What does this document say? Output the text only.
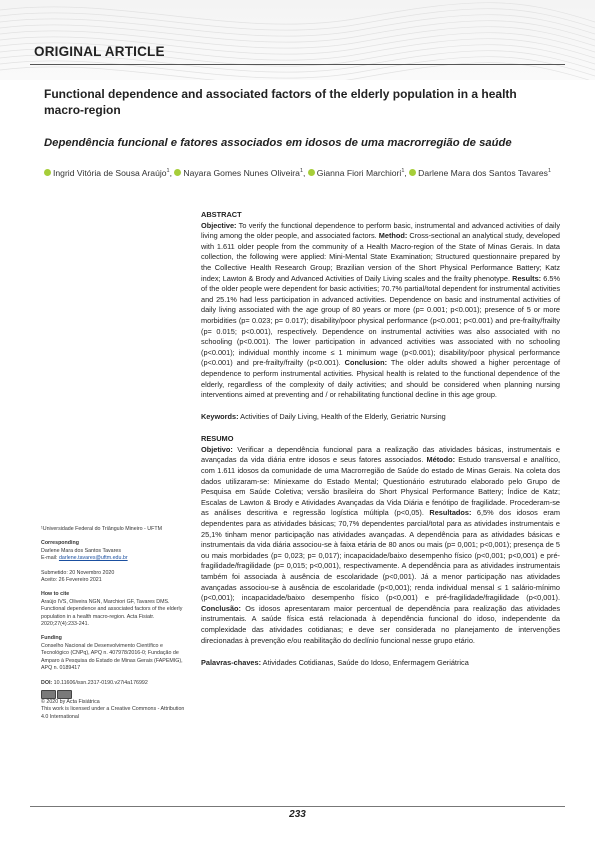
ORIGINAL ARTICLE
Functional dependence and associated factors of the elderly population in a health macro-region
Dependência funcional e fatores associados em idosos de uma macrorregião de saúde
Ingrid Vitória de Sousa Araújo$^1$, Nayara Gomes Nunes Oliveira$^1$, Gianna Fiori Marchiori$^1$, Darlene Mara dos Santos Tavares$^1$

ABSTRACT

Objective: To verify the functional dependence to perform basic, instrumental and advanced activities of daily living among the older people, and associated factors. Method: Cross-sectional an analytical study, developed with 1.611 older people from the community of a Health Macro-region of the State of Minas Gerais. In data collection, the following were applied: Mini-Mental State Examination; Structured questionnaire prepared by the Collective Health Research Group; Brazilian version of the Short Physical Performance Battery; Katz index; Lawton & Brody and Advanced Activities of Daily Living scales and the frailty phenotype. Results: 6.5% of the older people were dependent for basic activities; 70.7% partial/total dependent for instrumental activities and 25.1% had less participation in advanced activities. Dependence on basic and instrumental activities of daily living associated with the age group of 80 years or more (p= 0.001; p<0.001); presence of 5 or more morbidities (p= 0.023; p= 0.017); disability/poor physical performance (p<0.001; p<0.001) and pre-frailty/frailty (p= 0.015; p<0.001), respectively. Dependence on instrumental activities was also associated with no schooling (p<0.001). The lower participation in advanced activities was associated with no schooling (p<0.001); individual monthly income ≤ 1 minimum wage (p<0.001); disability/poor physical performance (p<0.001) and pre-frailty/frailty (p<0.001). Conclusion: The older adults showed a higher percentage of dependence to perform instrumental activities. Physical health is related to the functional dependence of the elderly, regardless of the complexity of daily activities; and should be considered when planning nursing interventions aimed at preventing and / or rehabilitating functional decline in this age group.

Keywords: Activities of Daily Living, Health of the Elderly, Geriatric Nursing

RESUMO

Objetivo: Verificar a dependência funcional para a realização das atividades básicas, instrumentais e avançadas da vida diária entre idosos e seus fatores associados. Método: Estudo transversal e analítico, com 1.611 idosos da comunidade de uma Macrorregião de Saúde do estado de Minas Gerais. Na coleta dos dados utilizaram-se: Miniexame do Estado Mental; Questionário estruturado elaborado pelo Grupo de Pesquisa em Saúde Coletiva; versão brasileira do Short Physical Performance Battery; Índice de Katz; Escalas de Lawton & Brody e Atividades Avançadas da Vida Diária e fenótipo de fragilidade. Procederam-se as análises descritiva e regressão logística múltipla (p<0,05). Resultados: 6,5% dos idosos eram dependentes para as atividades básicas; 70,7% dependentes parcial/total para as atividades instrumentais e 25,1% tinham menor participação nas atividades avançadas. A dependência para as atividades básicas e instrumentais da vida diária associou-se à faixa etária de 80 anos ou mais (p= 0,001; p<0,001); presença de 5 ou mais morbidades (p= 0,023; p= 0,017); incapacidade/baixo desempenho físico (p<0,001; p<0,001) e pré-fragilidade/fragilidade (p= 0,015; p<0,001), respectivamente. A dependência para as atividades instrumentais também foi associada à ausência de escolaridade (p<0,001). Já a menor participação nas atividades avançadas associou-se à ausência de escolaridade (p<0,001); renda individual mensal ≤ 1 salário-mínimo (p<0,001); incapacidade/baixo desempenho físico (p<0,001) e pré-fragilidade/fragilidade (p<0,001). Conclusão: Os idosos apresentaram maior percentual de dependência para realização das atividades instrumentais. A saúde física está relacionada à dependência funcional do idoso, independente da complexidade das atividades cotidianas; e deve ser considerada no planejamento de intervenções direcionadas à prevenção e/ou reabilitação do declínio funcional nesse grupo etário.

Palavras-chaves: Atividades Cotidianas, Saúde do Idoso, Enfermagem Geriátrica

¹Universidade Federal do Triângulo Mineiro - UFTM

Corresponding

Darlene Mara dos Santos Tavares

E-mail: darlene.tavares@uftm.edu.br

Submetido: 20 Novembro 2020

Aceito: 26 Fevereiro 2021

How to cite

Araújo IVS, Oliveira NGN, Marchiori GF, Tavares DMS. Functional dependence and associated factors of the elderly population in a health macro-region. Acta Fisiatr. 2020;27(4):233-241.

Funding

Conselho Nacional de Desenvolvimento Científico e Tecnológico (CNPq), APQ n. 407978/2016-0; Fundação de Amparo à Pesquisa do Estado de Minas Gerais (FAPEMIG), APQ n. 0189417

DOI: 10.11606/issn.2317-0190.v27i4a176992

© 2020 by Acta Fisiátrica

This work is licensed under a Creative Commons - Attribution 4.0 International

233
